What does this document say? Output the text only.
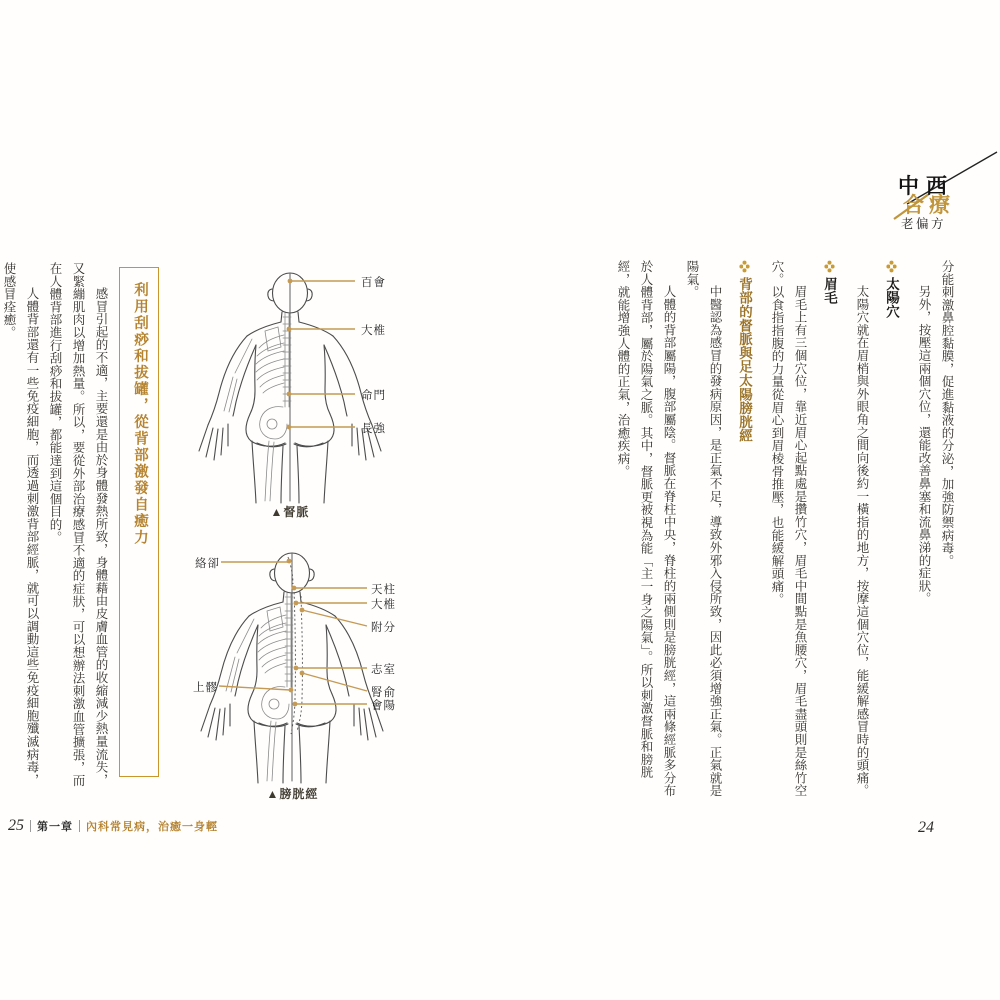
中西
合療
老偏方

分能刺激鼻腔黏膜，促進黏液的分泌，加強防禦病毒。

另外，按壓這兩個穴位，還能改善鼻塞和流鼻涕的症狀。

太陽穴

太陽穴就在眉梢與外眼角之間向後約一橫指的地方，按摩這個穴位，能緩解感冒時的頭痛。

眉毛

眉毛上有三個穴位，靠近眉心起點處是攢竹穴，眉毛中間點是魚腰穴，眉毛盡頭則是絲竹空穴。以食指指腹的力量從眉心到眉棱骨推壓，也能緩解頭痛。

背部的督脈與足太陽膀胱經

中醫認為感冒的發病原因，是正氣不足，導致外邪入侵所致，因此必須增強正氣。正氣就是陽氣。

人體的背部屬陽，腹部屬陰。督脈在脊柱中央，脊柱的兩側則是膀胱經，這兩條經脈多分布於人體背部，屬於陽氣之脈。其中，督脈更被視為能「主一身之陽氣」。所以刺激督脈和膀胱經，就能增強人體的正氣，治癒疾病。

利用刮痧和拔罐，從背部激發自癒力

感冒引起的不適，主要還是由於身體發熱所致，身體藉由皮膚血管的收縮減少熱量流失，又緊繃肌肉以增加熱量。所以，要從外部治療感冒不適的症狀，可以想辦法刺激血管擴張，而在人體背部進行刮痧和拔罐，都能達到這個目的。

人體背部還有一些免疫細胞，而透過刺激背部經脈，就可以調動這些免疫細胞殲滅病毒，使感冒痊癒。	百會
大椎
命門
長強
▲督脈
絡卻
天柱
大椎
附分
志室
腎俞
會陽
上髎
▲膀胱經
25 第一章 內科常見病，治癒一身輕	24
